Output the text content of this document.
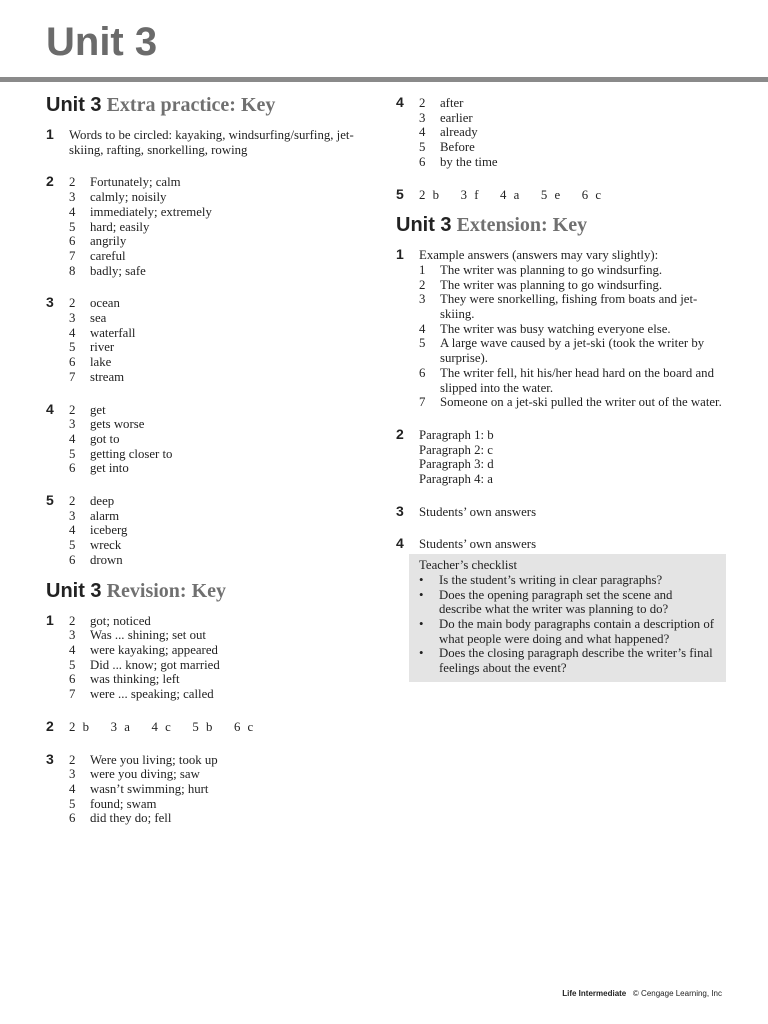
Unit 3
Unit 3 Extra practice: Key
1 Words to be circled: kayaking, windsurfing/surfing, jet-skiing, rafting, snorkelling, rowing
2 2	Fortunately; calm
3	calmly; noisily
4	immediately; extremely
5	hard; easily
6	angrily
7	careful
8	badly; safe
3 2	ocean
3	sea
4	waterfall
5	river
6	lake
7	stream
4 2	get
3	gets worse
4	got to
5	getting closer to
6	get into
5 2	deep
3	alarm
4	iceberg
5	wreck
6	drown
Unit 3 Revision: Key
1 2	got; noticed
3	Was ... shining; set out
4	were kayaking; appeared
5	Did ... know; got married
6	was thinking; left
7	were ... speaking; called
2 2 b   3 a   4 c   5 b   6 c
3 2	Were you living; took up
3	were you diving; saw
4	wasn’t swimming; hurt
5	found; swam
6	did they do; fell
4 2	after
3	earlier
4	already
5	Before
6	by the time
5 2 b   3 f   4 a   5 e   6 c
Unit 3 Extension: Key
1 Example answers (answers may vary slightly):
1	The writer was planning to go windsurfing.
2	The writer was planning to go windsurfing.
3	They were snorkelling, fishing from boats and jet-skiing.
4	The writer was busy watching everyone else.
5	A large wave caused by a jet-ski (took the writer by surprise).
6	The writer fell, hit his/her head hard on the board and slipped into the water.
7	Someone on a jet-ski pulled the writer out of the water.
2 Paragraph 1: b
Paragraph 2: c
Paragraph 3: d
Paragraph 4: a
3 Students’ own answers
4 Students’ own answers
Teacher’s checklist
•	Is the student’s writing in clear paragraphs?
•	Does the opening paragraph set the scene and describe what the writer was planning to do?
•	Do the main body paragraphs contain a description of what people were doing and what happened?
•	Does the closing paragraph describe the writer’s final feelings about the event?
Life Intermediate © Cengage Learning, Inc
